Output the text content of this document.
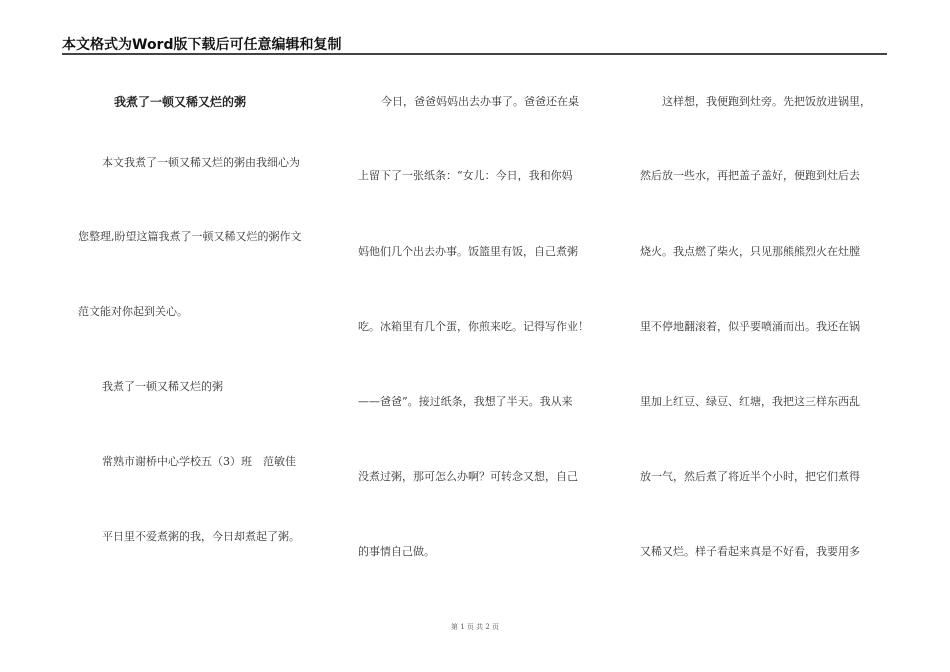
本文格式为Word版下载后可任意编辑和复制
我煮了一顿又稀又烂的粥
本文我煮了一顿又稀又烂的粥由我细心为
您整理,盼望这篇我煮了一顿又稀又烂的粥作文
范文能对你起到关心。
我煮了一顿又稀又烂的粥
常熟市谢桥中心学校五（3）班　范敏佳
平日里不爱煮粥的我，今日却煮起了粥。
今日，爸爸妈妈出去办事了。爸爸还在桌
上留下了一张纸条：“女儿：今日，我和你妈
妈他们几个出去办事。饭篮里有饭，自己煮粥
吃。冰箱里有几个蛋，你煎来吃。记得写作业！
——爸爸”。接过纸条，我想了半天。我从来
没煮过粥，那可怎么办啊？可转念又想，自己
的事情自己做。
这样想，我便跑到灶旁。先把饭放进锅里，
然后放一些水，再把盖子盖好，便跑到灶后去
烧火。我点燃了柴火，只见那熊熊烈火在灶膛
里不停地翻滚着，似乎要喷涌而出。我还在锅
里加上红豆、绿豆、红塘，我把这三样东西乱
放一气，然后煮了将近半个小时，把它们煮得
又稀又烂。样子看起来真是不好看，我要用多
第 1 页 共 2 页
